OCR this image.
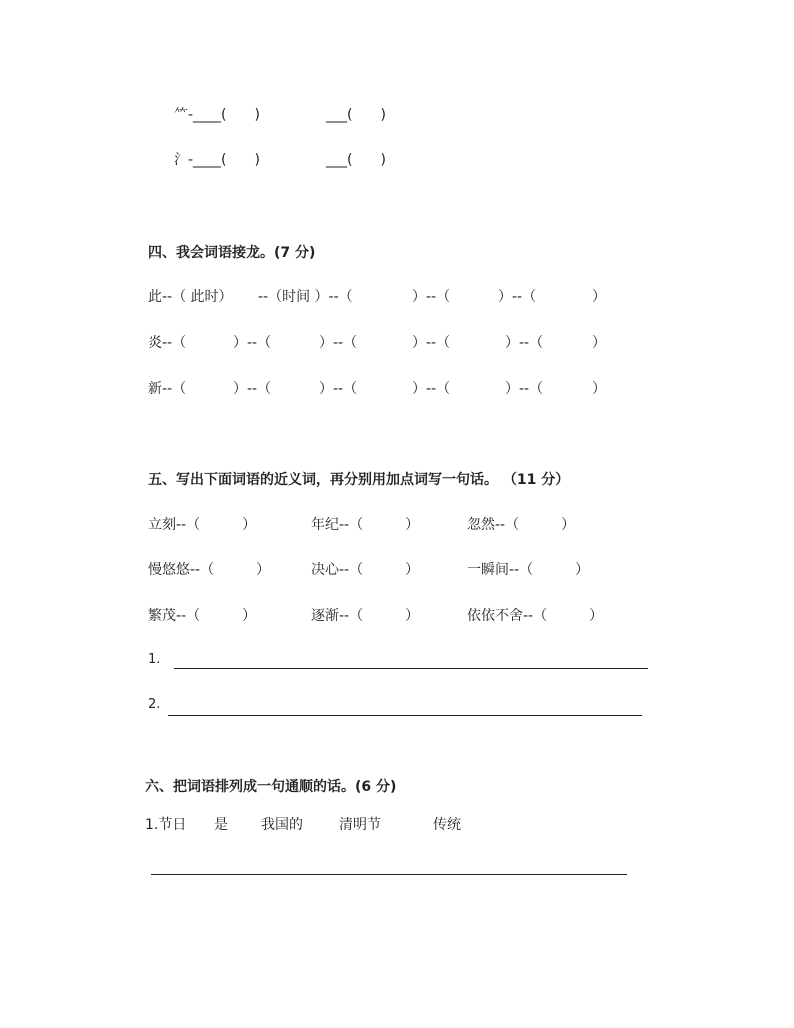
⺮-____(　　)	___(　　)
氵-____(　　)	___(　　)
四、我会词语接龙。(7 分)
此--（ 此时） --（时间 ）--（	）--（	）--（	）
炎--（	）--（	）--（	）--（	）--（	）
新--（	）--（	）--（	）--（	）--（	）
五、写出下面词语的近义词，再分别用加点词写一句话。 （11 分）
立刻--（　　　）	年纪--（　　　）	忽然--（　　　）
慢悠悠--（　　　）	决心--（　　　）	一瞬间--（　　　）
繁茂--（　　　）	逐渐--（　　　）	依依不舍--（　　　）
1.
2.
六、把词语排列成一句通顺的话。(6 分)
1.节日 是 我国的	清明节	传统
